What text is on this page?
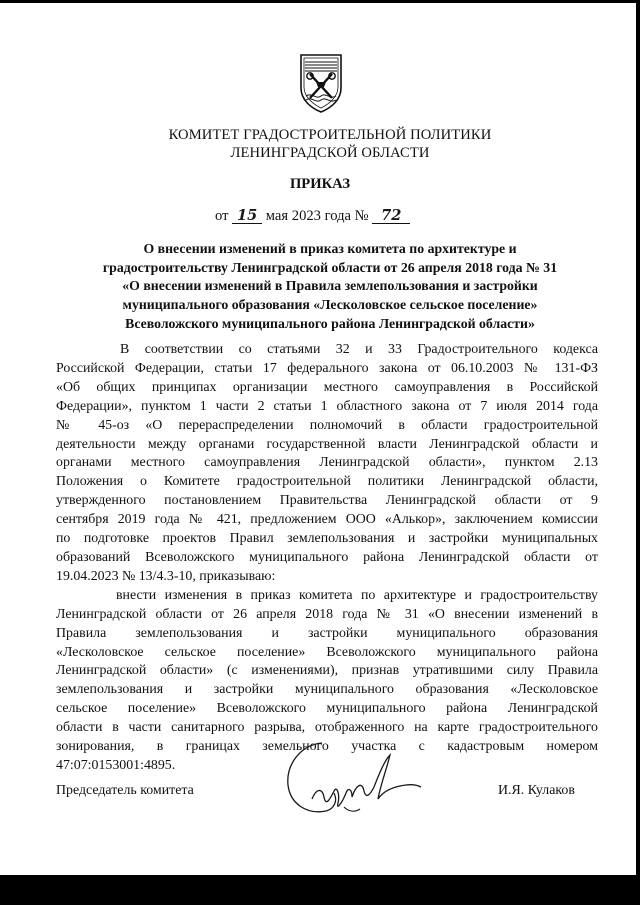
КОМИТЕТ ГРАДОСТРОИТЕЛЬНОЙ ПОЛИТИКИ
ЛЕНИНГРАДСКОЙ ОБЛАСТИ
ПРИКАЗ
от 15 мая 2023 года № 72
О внесении изменений в приказ комитета по архитектуре и
градостроительству Ленинградской области от 26 апреля 2018 года № 31
«О внесении изменений в Правила землепользования и застройки
муниципального образования «Лесколовское сельское поселение»
Всеволожского муниципального района Ленинградской области»
В соответствии со статьями 32 и 33 Градостроительного кодекса
Российской Федерации, статьи 17 федерального закона от 06.10.2003 № 131-ФЗ
«Об общих принципах организации местного самоуправления в Российской
Федерации», пунктом 1 части 2 статьи 1 областного закона от 7 июля 2014 года
№ 45-оз «О перераспределении полномочий в области градостроительной
деятельности между органами государственной власти Ленинградской области и
органами местного самоуправления Ленинградской области», пунктом 2.13
Положения о Комитете градостроительной политики Ленинградской области,
утвержденного постановлением Правительства Ленинградской области от 9
сентября 2019 года № 421, предложением ООО «Алькор», заключением комиссии
по подготовке проектов Правил землепользования и застройки муниципальных
образований Всеволожского муниципального района Ленинградской области от
19.04.2023 № 13/4.3-10, приказываю:
внести изменения в приказ комитета по архитектуре и градостроительству
Ленинградской области от 26 апреля 2018 года № 31 «О внесении изменений в
Правила землепользования и застройки муниципального образования
«Лесколовское сельское поселение» Всеволожского муниципального района
Ленинградской области» (с изменениями), признав утратившими силу Правила
землепользования и застройки муниципального образования «Лесколовское
сельское поселение» Всеволожского муниципального района Ленинградской
области в части санитарного разрыва, отображенного на карте градостроительного
зонирования, в границах земельного участка с кадастровым номером
47:07:0153001:4895.
Председатель комитета	И.Я. Кулаков
